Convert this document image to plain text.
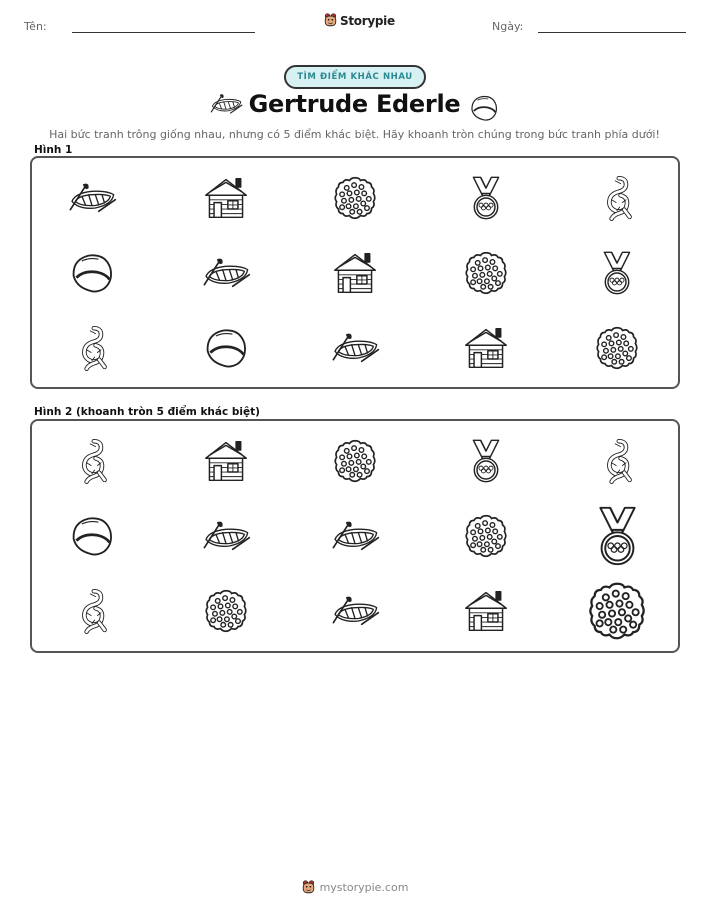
Tên:	Storypie	Ngày:
TÌM ĐIỂM KHÁC NHAU
Gertrude Ederle
Hai bức tranh trông giống nhau, nhưng có 5 điểm khác biệt. Hãy khoanh tròn chúng trong bức tranh phía dưới!
Hình 1
Hình 2 (khoanh tròn 5 điểm khác biệt)
mystorypie.com
